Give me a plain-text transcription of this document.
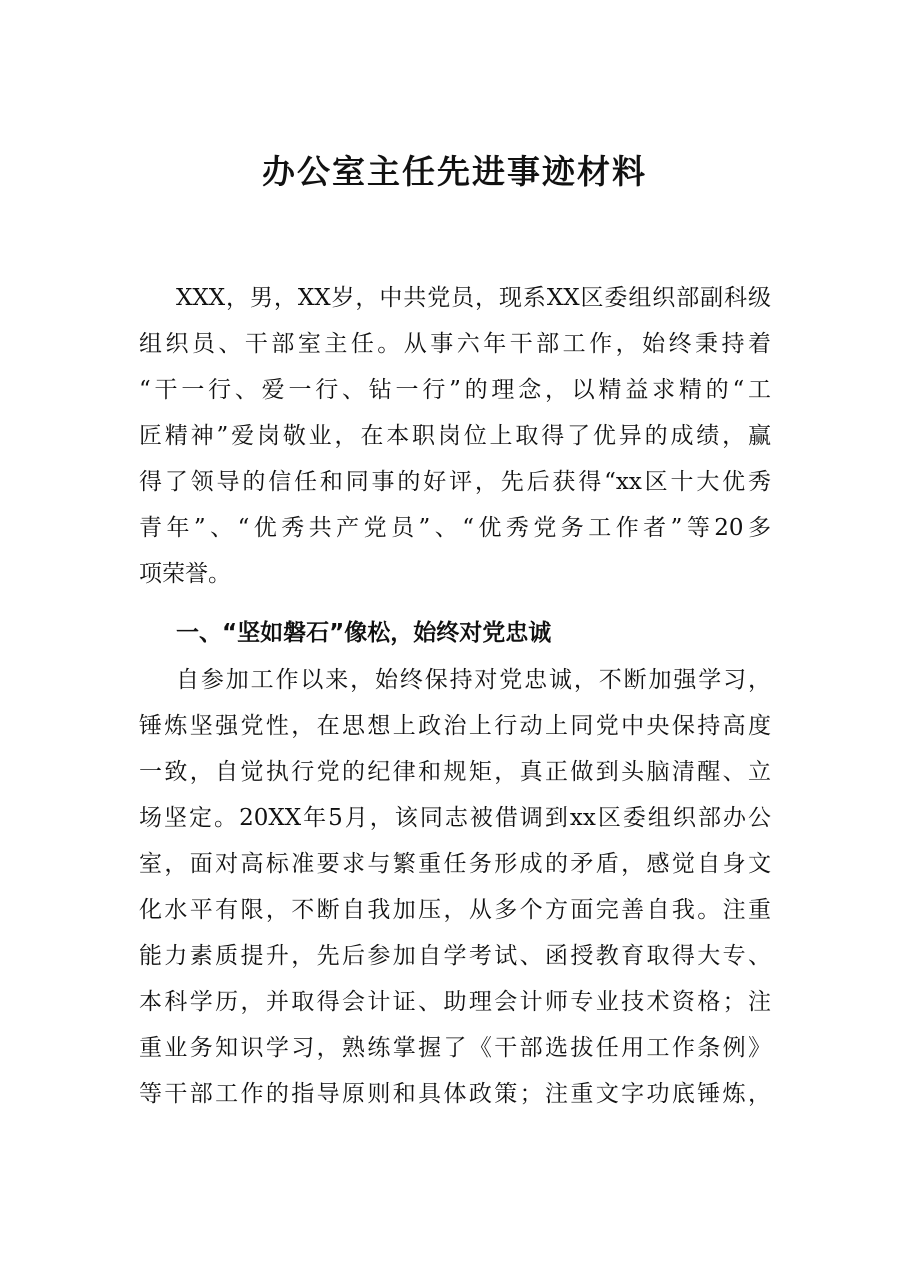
办公室主任先进事迹材料

XXX，男，XX岁，中共党员，现系XX区委组织部副科级

组织员、干部室主任。从事六年干部工作，始终秉持着

“干一行、爱一行、钻一行”的理念，以精益求精的“工

匠精神”爱岗敬业，在本职岗位上取得了优异的成绩，赢

得了领导的信任和同事的好评，先后获得“xx区十大优秀

青年”、“优秀共产党员”、“优秀党务工作者”等20多

项荣誉。

一、“坚如磐石”像松，始终对党忠诚

自参加工作以来，始终保持对党忠诚，不断加强学习，

锤炼坚强党性，在思想上政治上行动上同党中央保持高度

一致，自觉执行党的纪律和规矩，真正做到头脑清醒、立

场坚定。20XX年5月，该同志被借调到xx区委组织部办公

室，面对高标准要求与繁重任务形成的矛盾，感觉自身文

化水平有限，不断自我加压，从多个方面完善自我。注重

能力素质提升，先后参加自学考试、函授教育取得大专、

本科学历，并取得会计证、助理会计师专业技术资格；注

重业务知识学习，熟练掌握了《干部选拔任用工作条例》

等干部工作的指导原则和具体政策；注重文字功底锤炼，
